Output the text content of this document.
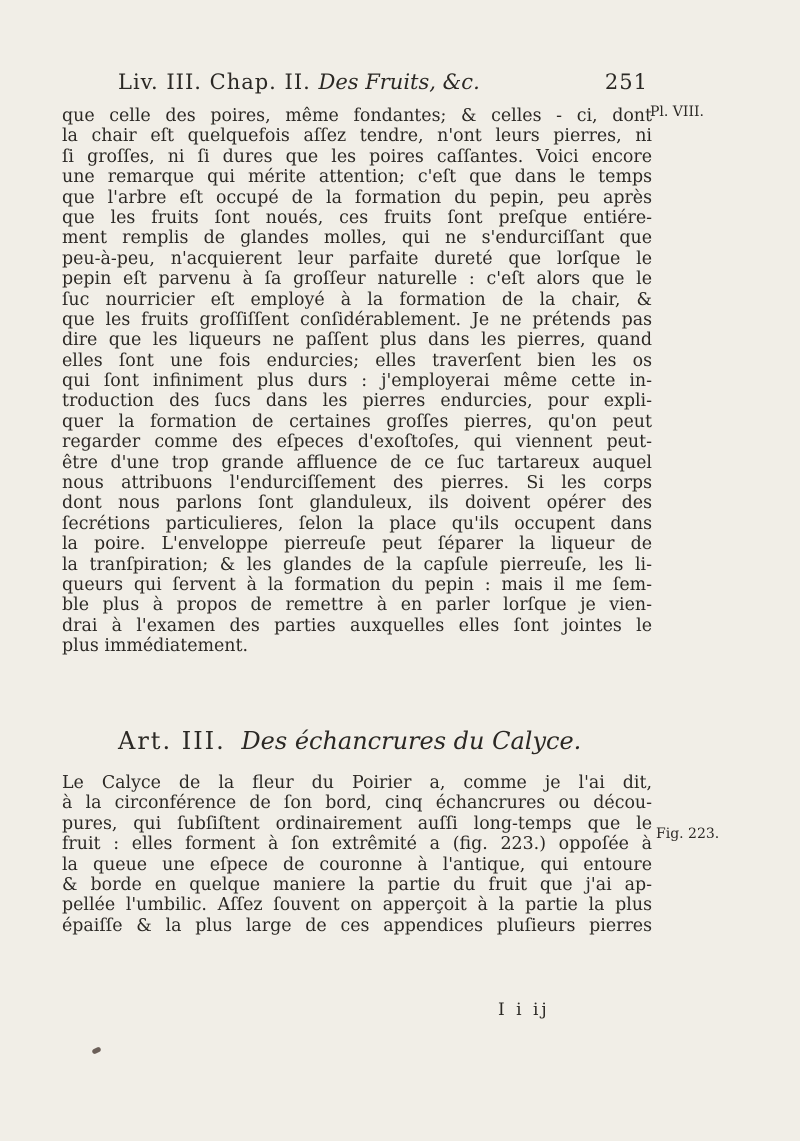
Liv. III. Chap. II. Des Fruits, &c.	251
Pl. VIII.
Fig. 223.
que celle des poires, même fondantes; & celles - ci, dont
la chair eſt quelquefois aſſez tendre, n'ont leurs pierres, ni
ſi groſſes, ni ſi dures que les poires caſſantes. Voici encore
une remarque qui mérite attention; c'eſt que dans le temps
que l'arbre eſt occupé de la formation du pepin, peu après
que les fruits ſont noués, ces fruits ſont preſque entiére-
ment remplis de glandes molles, qui ne s'endurciſſant que
peu-à-peu, n'acquierent leur parfaite dureté que lorſque le
pepin eſt parvenu à ſa groſſeur naturelle : c'eſt alors que le
ſuc nourricier eſt employé à la formation de la chair, &
que les fruits groſſiſſent conſidérablement. Je ne prétends pas
dire que les liqueurs ne paſſent plus dans les pierres, quand
elles ſont une fois endurcies; elles traverſent bien les os
qui ſont infiniment plus durs : j'employerai même cette in-
troduction des ſucs dans les pierres endurcies, pour expli-
quer la formation de certaines groſſes pierres, qu'on peut
regarder comme des eſpeces d'exoſtoſes, qui viennent peut-
être d'une trop grande affluence de ce ſuc tartareux auquel
nous attribuons l'endurciſſement des pierres. Si les corps
dont nous parlons ſont glanduleux, ils doivent opérer des
ſecrétions particulieres, ſelon la place qu'ils occupent dans
la poire. L'enveloppe pierreuſe peut ſéparer la liqueur de
la tranſpiration; & les glandes de la capſule pierreuſe, les li-
queurs qui ſervent à la formation du pepin : mais il me ſem-
ble plus à propos de remettre à en parler lorſque je vien-
drai à l'examen des parties auxquelles elles ſont jointes le
plus immédiatement.
Art. III. Des échancrures du Calyce.
Le Calyce de la fleur du Poirier a, comme je l'ai dit,
à la circonférence de ſon bord, cinq échancrures ou décou-
pures, qui ſubſiſtent ordinairement auſſi long-temps que le
fruit : elles forment à ſon extrêmité a (fig. 223.) oppoſée à
la queue une eſpece de couronne à l'antique, qui entoure
& borde en quelque maniere la partie du fruit que j'ai ap-
pellée l'umbilic. Aſſez ſouvent on apperçoit à la partie la plus
épaiſſe & la plus large de ces appendices pluſieurs pierres
I i ij
